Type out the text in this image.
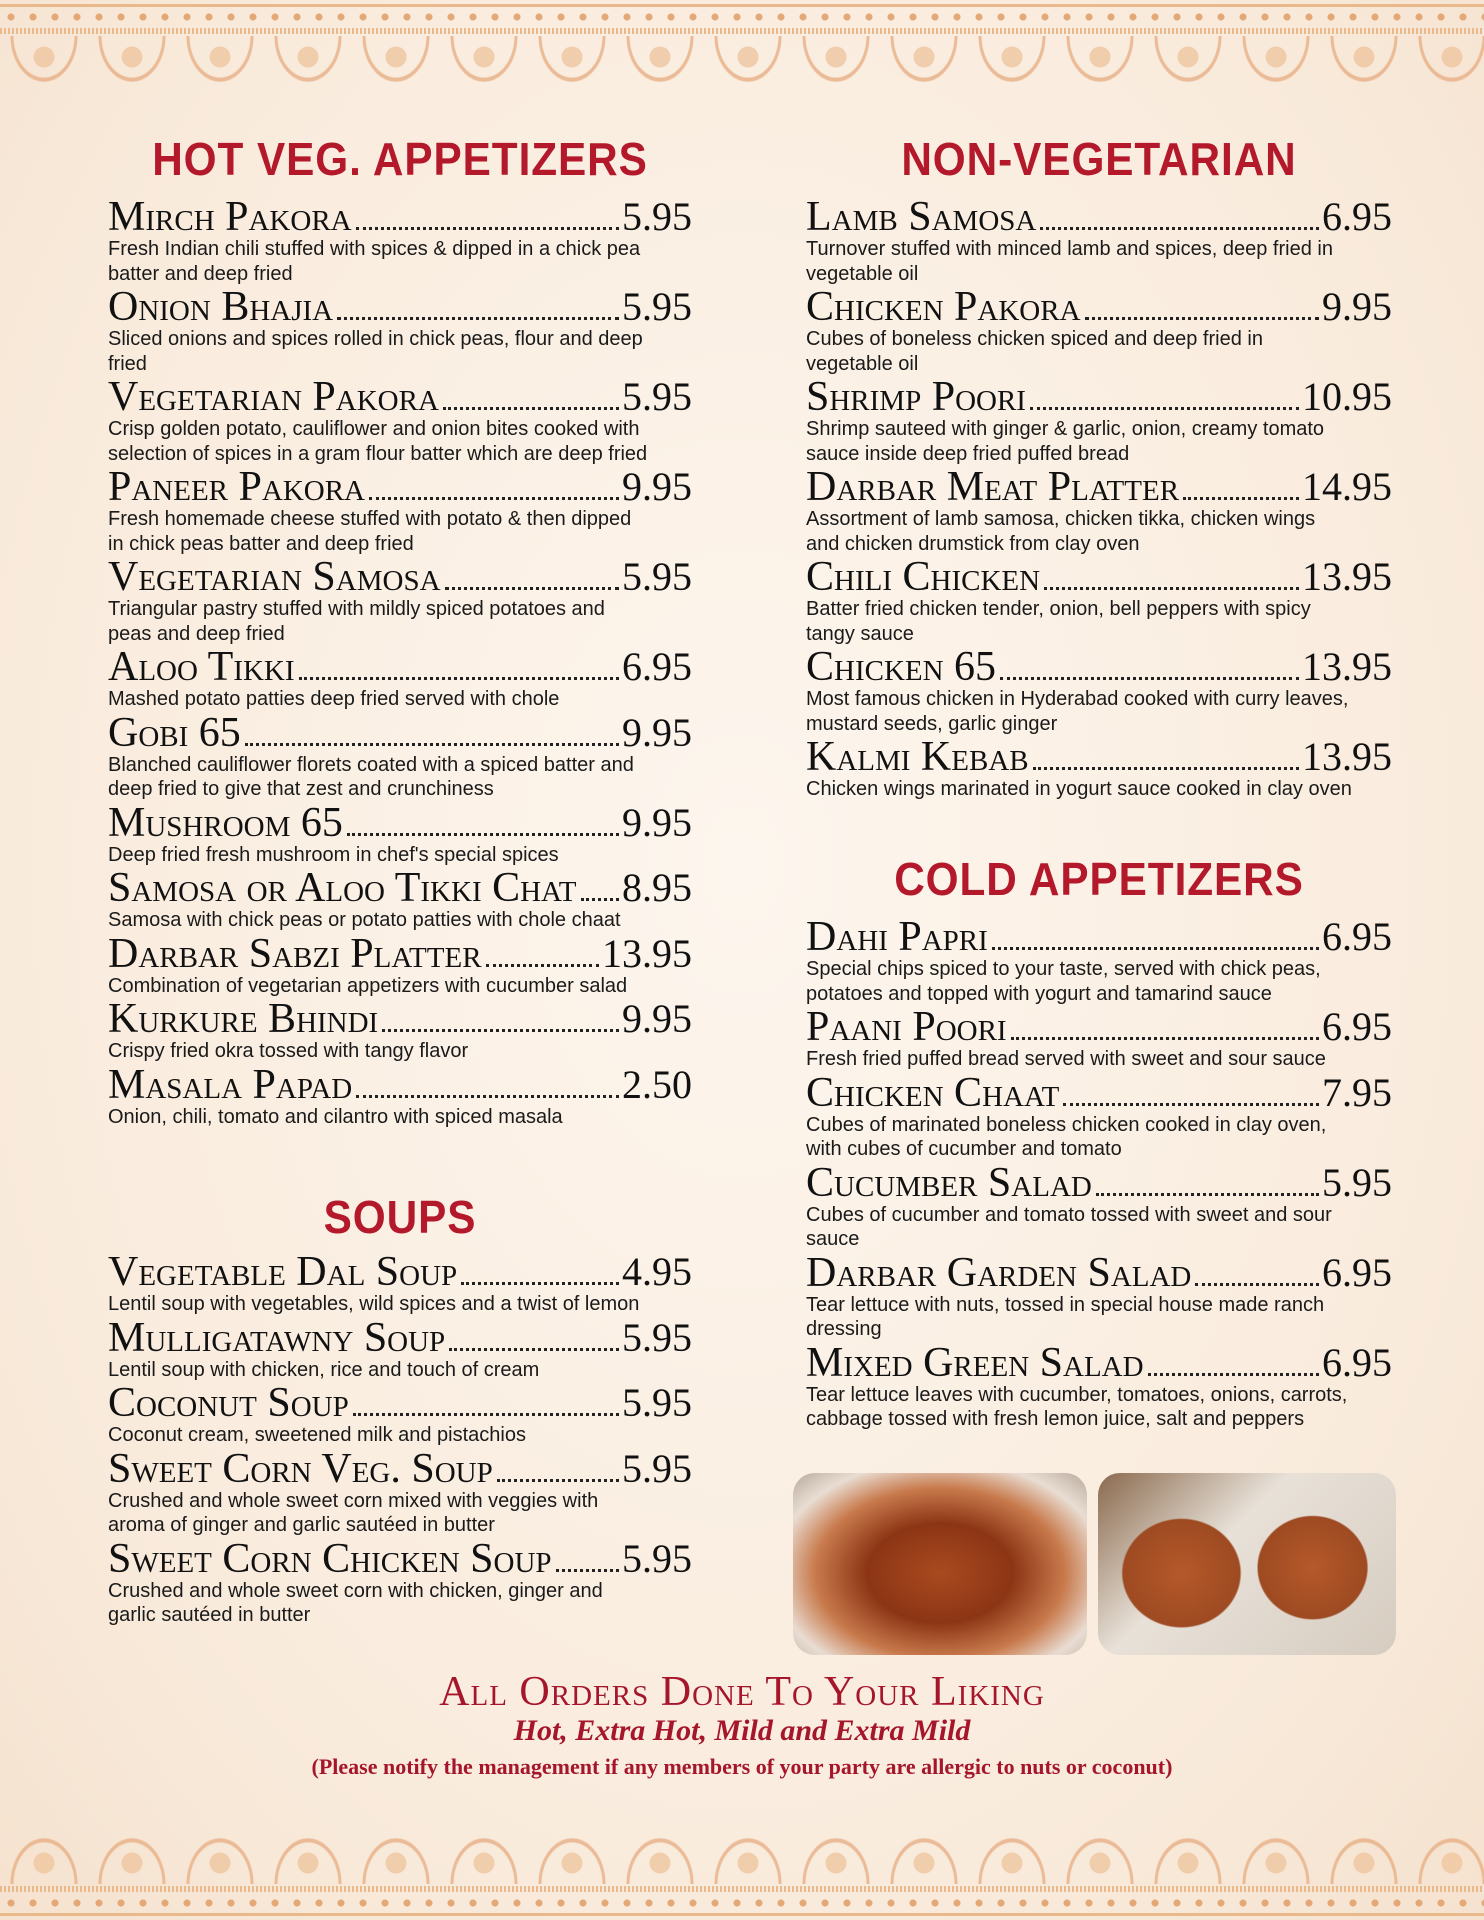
HOT VEG. APPETIZERS
Mirch Pakora	5.95
Fresh Indian chili stuffed with spices & dipped in a chick pea batter and deep fried
Onion Bhajia	5.95
Sliced onions and spices rolled in chick peas, flour and deep fried
Vegetarian Pakora	5.95
Crisp golden potato, cauliflower and onion bites cooked with selection of spices in a gram flour batter which are deep fried
Paneer Pakora	9.95
Fresh homemade cheese stuffed with potato & then dipped in chick peas batter and deep fried
Vegetarian Samosa	5.95
Triangular pastry stuffed with mildly spiced potatoes and peas and deep fried
Aloo Tikki	6.95
Mashed potato patties deep fried served with chole
Gobi 65	9.95
Blanched cauliflower florets coated with a spiced batter and deep fried to give that zest and crunchiness
Mushroom 65	9.95
Deep fried fresh mushroom in chef's special spices
Samosa or Aloo Tikki Chat 8.95
Samosa with chick peas or potato patties with chole chaat
Darbar Sabzi Platter	13.95
Combination of vegetarian appetizers with cucumber salad
Kurkure Bhindi	9.95
Crispy fried okra tossed with tangy flavor
Masala Papad	2.50
Onion, chili, tomato and cilantro with spiced masala
SOUPS
Vegetable Dal Soup	4.95
Lentil soup with vegetables, wild spices and a twist of lemon
Mulligatawny Soup	5.95
Lentil soup with chicken, rice and touch of cream
Coconut Soup	5.95
Coconut cream, sweetened milk and pistachios
Sweet Corn Veg. Soup	5.95
Crushed and whole sweet corn mixed with veggies with aroma of ginger and garlic sautéed in butter
Sweet Corn Chicken Soup 5.95
Crushed and whole sweet corn with chicken, ginger and garlic sautéed in butter
NON-VEGETARIAN
Lamb Samosa	6.95
Turnover stuffed with minced lamb and spices, deep fried in vegetable oil
Chicken Pakora	9.95
Cubes of boneless chicken spiced and deep fried in vegetable oil
Shrimp Poori	10.95
Shrimp sauteed with ginger & garlic, onion, creamy tomato sauce inside deep fried puffed bread
Darbar Meat Platter	14.95
Assortment of lamb samosa, chicken tikka, chicken wings and chicken drumstick from clay oven
Chili Chicken	13.95
Batter fried chicken tender, onion, bell peppers with spicy tangy sauce
Chicken 65	13.95
Most famous chicken in Hyderabad cooked with curry leaves, mustard seeds, garlic ginger
Kalmi Kebab	13.95
Chicken wings marinated in yogurt sauce cooked in clay oven
COLD APPETIZERS
Dahi Papri	6.95
Special chips spiced to your taste, served with chick peas, potatoes and topped with yogurt and tamarind sauce
Paani Poori	6.95
Fresh fried puffed bread served with sweet and sour sauce
Chicken Chaat	7.95
Cubes of marinated boneless chicken cooked in clay oven, with cubes of cucumber and tomato
Cucumber Salad	5.95
Cubes of cucumber and tomato tossed with sweet and sour sauce
Darbar Garden Salad	6.95
Tear lettuce with nuts, tossed in special house made ranch dressing
Mixed Green Salad	6.95
Tear lettuce leaves with cucumber, tomatoes, onions, carrots, cabbage tossed with fresh lemon juice, salt and peppers
All Orders Done To Your Liking
Hot, Extra Hot, Mild and Extra Mild
(Please notify the management if any members of your party are allergic to nuts or coconut)
